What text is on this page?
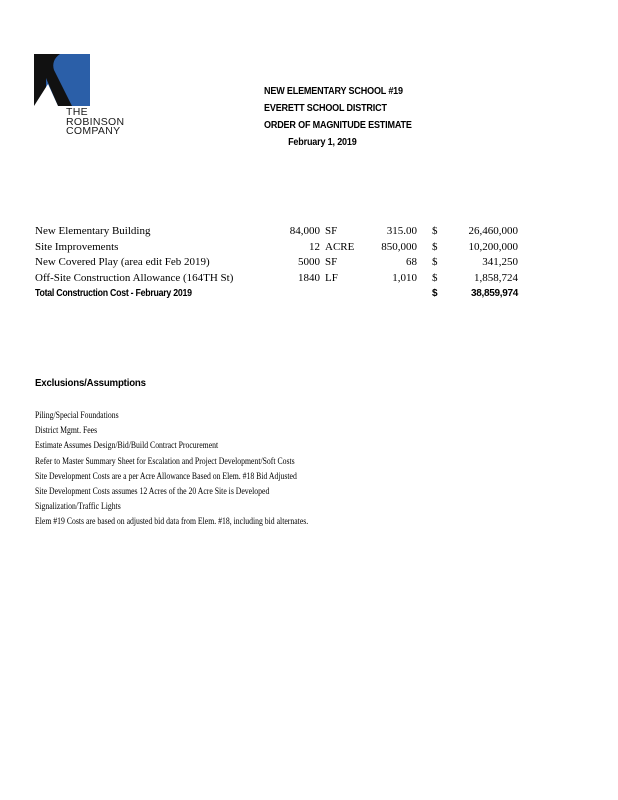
THE
ROBINSON
COMPANY
NEW ELEMENTARY SCHOOL #19
EVERETT SCHOOL DISTRICT
ORDER OF MAGNITUDE ESTIMATE
February 1, 2019
New Elementary Building	84,000 SF	315.00 $	26,460,000
Site Improvements	12 ACRE 850,000 $	10,200,000
New Covered Play (area edit Feb 2019)	5000 SF	68 $	341,250
Off-Site Construction Allowance (164TH St)	1840 LF	1,010 $	1,858,724
Total Construction Cost - February 2019	$	38,859,974
Exclusions/Assumptions
Piling/Special Foundations
District Mgmt. Fees
Estimate Assumes Design/Bid/Build Contract Procurement
Refer to Master Summary Sheet for Escalation and Project Development/Soft Costs
Site Development Costs are a per Acre Allowance Based on Elem. #18 Bid Adjusted
Site Development Costs assumes 12 Acres of the 20 Acre Site is Developed
Signalization/Traffic Lights
Elem #19 Costs are based on adjusted bid data from Elem. #18, including bid alternates.
